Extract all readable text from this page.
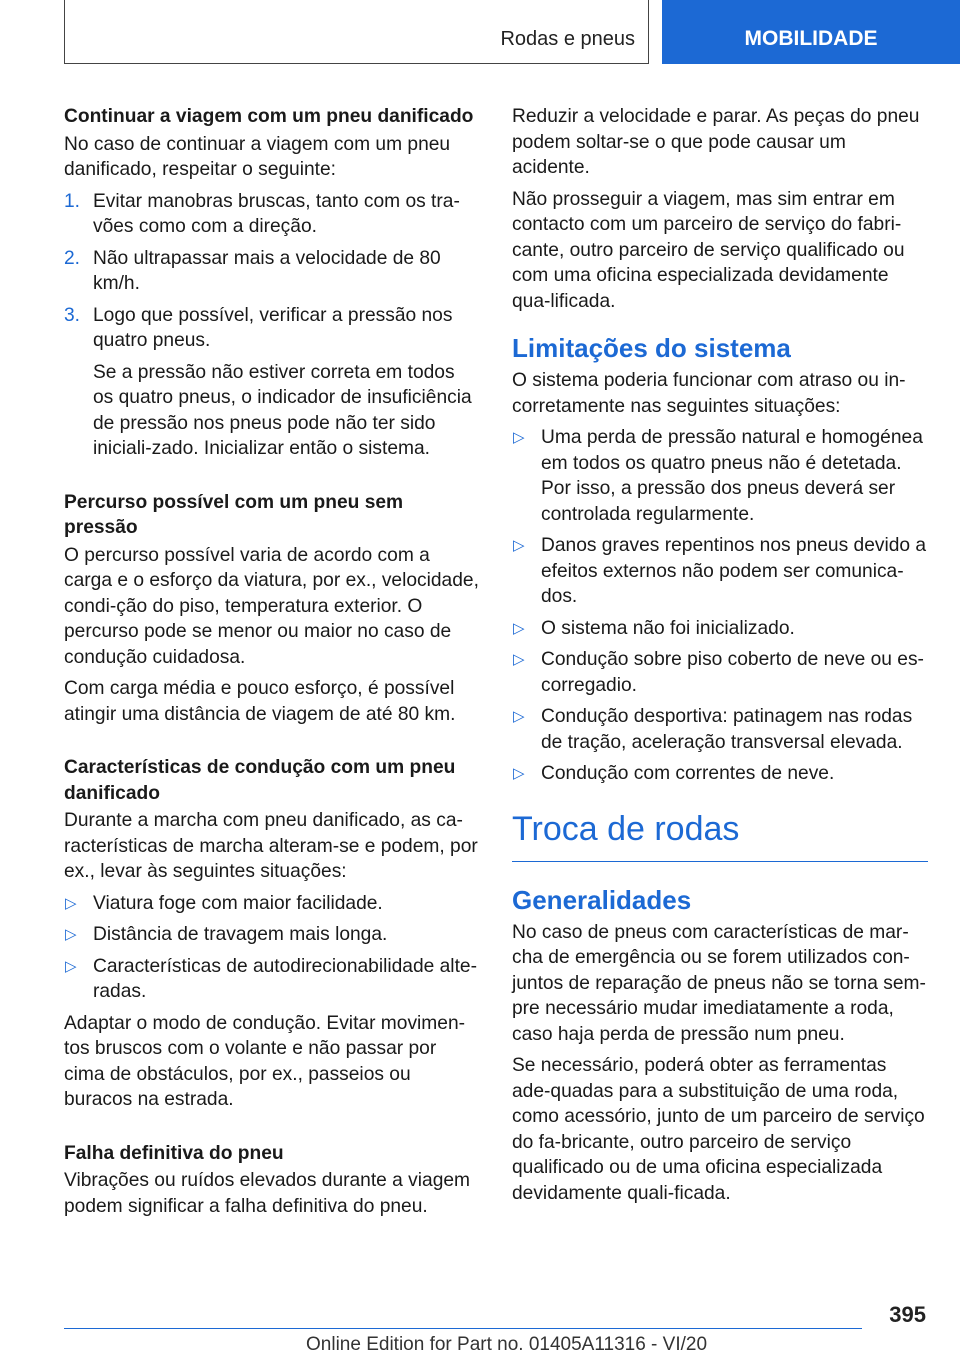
Rodas e pneus	MOBILIDADE
Continuar a viagem com um pneu danificado

No caso de continuar a viagem com um pneu danificado, respeitar o seguinte:

1. Evitar manobras bruscas, tanto com os tra-vões como com a direção.
2. Não ultrapassar mais a velocidade de 80 km/h.
3. Logo que possível, verificar a pressão nos quatro pneus.

Se a pressão não estiver correta em todos os quatro pneus, o indicador de insuficiência de pressão nos pneus pode não ter sido iniciali-zado. Inicializar então o sistema.

Percurso possível com um pneu sem pressão

O percurso possível varia de acordo com a carga e o esforço da viatura, por ex., velocidade, condi-ção do piso, temperatura exterior. O percurso pode se menor ou maior no caso de condução cuidadosa.

Com carga média e pouco esforço, é possível atingir uma distância de viagem de até 80 km.

Características de condução com um pneu danificado

Durante a marcha com pneu danificado, as ca-racterísticas de marcha alteram-se e podem, por ex., levar às seguintes situações:

▷ Viatura foge com maior facilidade.
▷ Distância de travagem mais longa.
▷ Características de autodirecionabilidade alte-radas.

Adaptar o modo de condução. Evitar movimen-tos bruscos com o volante e não passar por cima de obstáculos, por ex., passeios ou buracos na estrada.

Falha definitiva do pneu

Vibrações ou ruídos elevados durante a viagem podem significar a falha definitiva do pneu.

Reduzir a velocidade e parar. As peças do pneu podem soltar-se o que pode causar um acidente.

Não prosseguir a viagem, mas sim entrar em contacto com um parceiro de serviço do fabri-cante, outro parceiro de serviço qualificado ou com uma oficina especializada devidamente qua-lificada.

Limitações do sistema

O sistema poderia funcionar com atraso ou in-corretamente nas seguintes situações:

▷ Uma perda de pressão natural e homogénea em todos os quatro pneus não é detetada. Por isso, a pressão dos pneus deverá ser controlada regularmente.
▷ Danos graves repentinos nos pneus devido a efeitos externos não podem ser comunica-dos.
▷ O sistema não foi inicializado.
▷ Condução sobre piso coberto de neve ou es-corregadio.
▷ Condução desportiva: patinagem nas rodas de tração, aceleração transversal elevada.
▷ Condução com correntes de neve.
Troca de rodas
Generalidades

No caso de pneus com características de mar-cha de emergência ou se forem utilizados con-juntos de reparação de pneus não se torna sem-pre necessário mudar imediatamente a roda, caso haja perda de pressão num pneu.

Se necessário, poderá obter as ferramentas ade-quadas para a substituição de uma roda, como acessório, junto de um parceiro de serviço do fa-bricante, outro parceiro de serviço qualificado ou de uma oficina especializada devidamente quali-ficada.

395
Online Edition for Part no. 01405A11316 - VI/20
